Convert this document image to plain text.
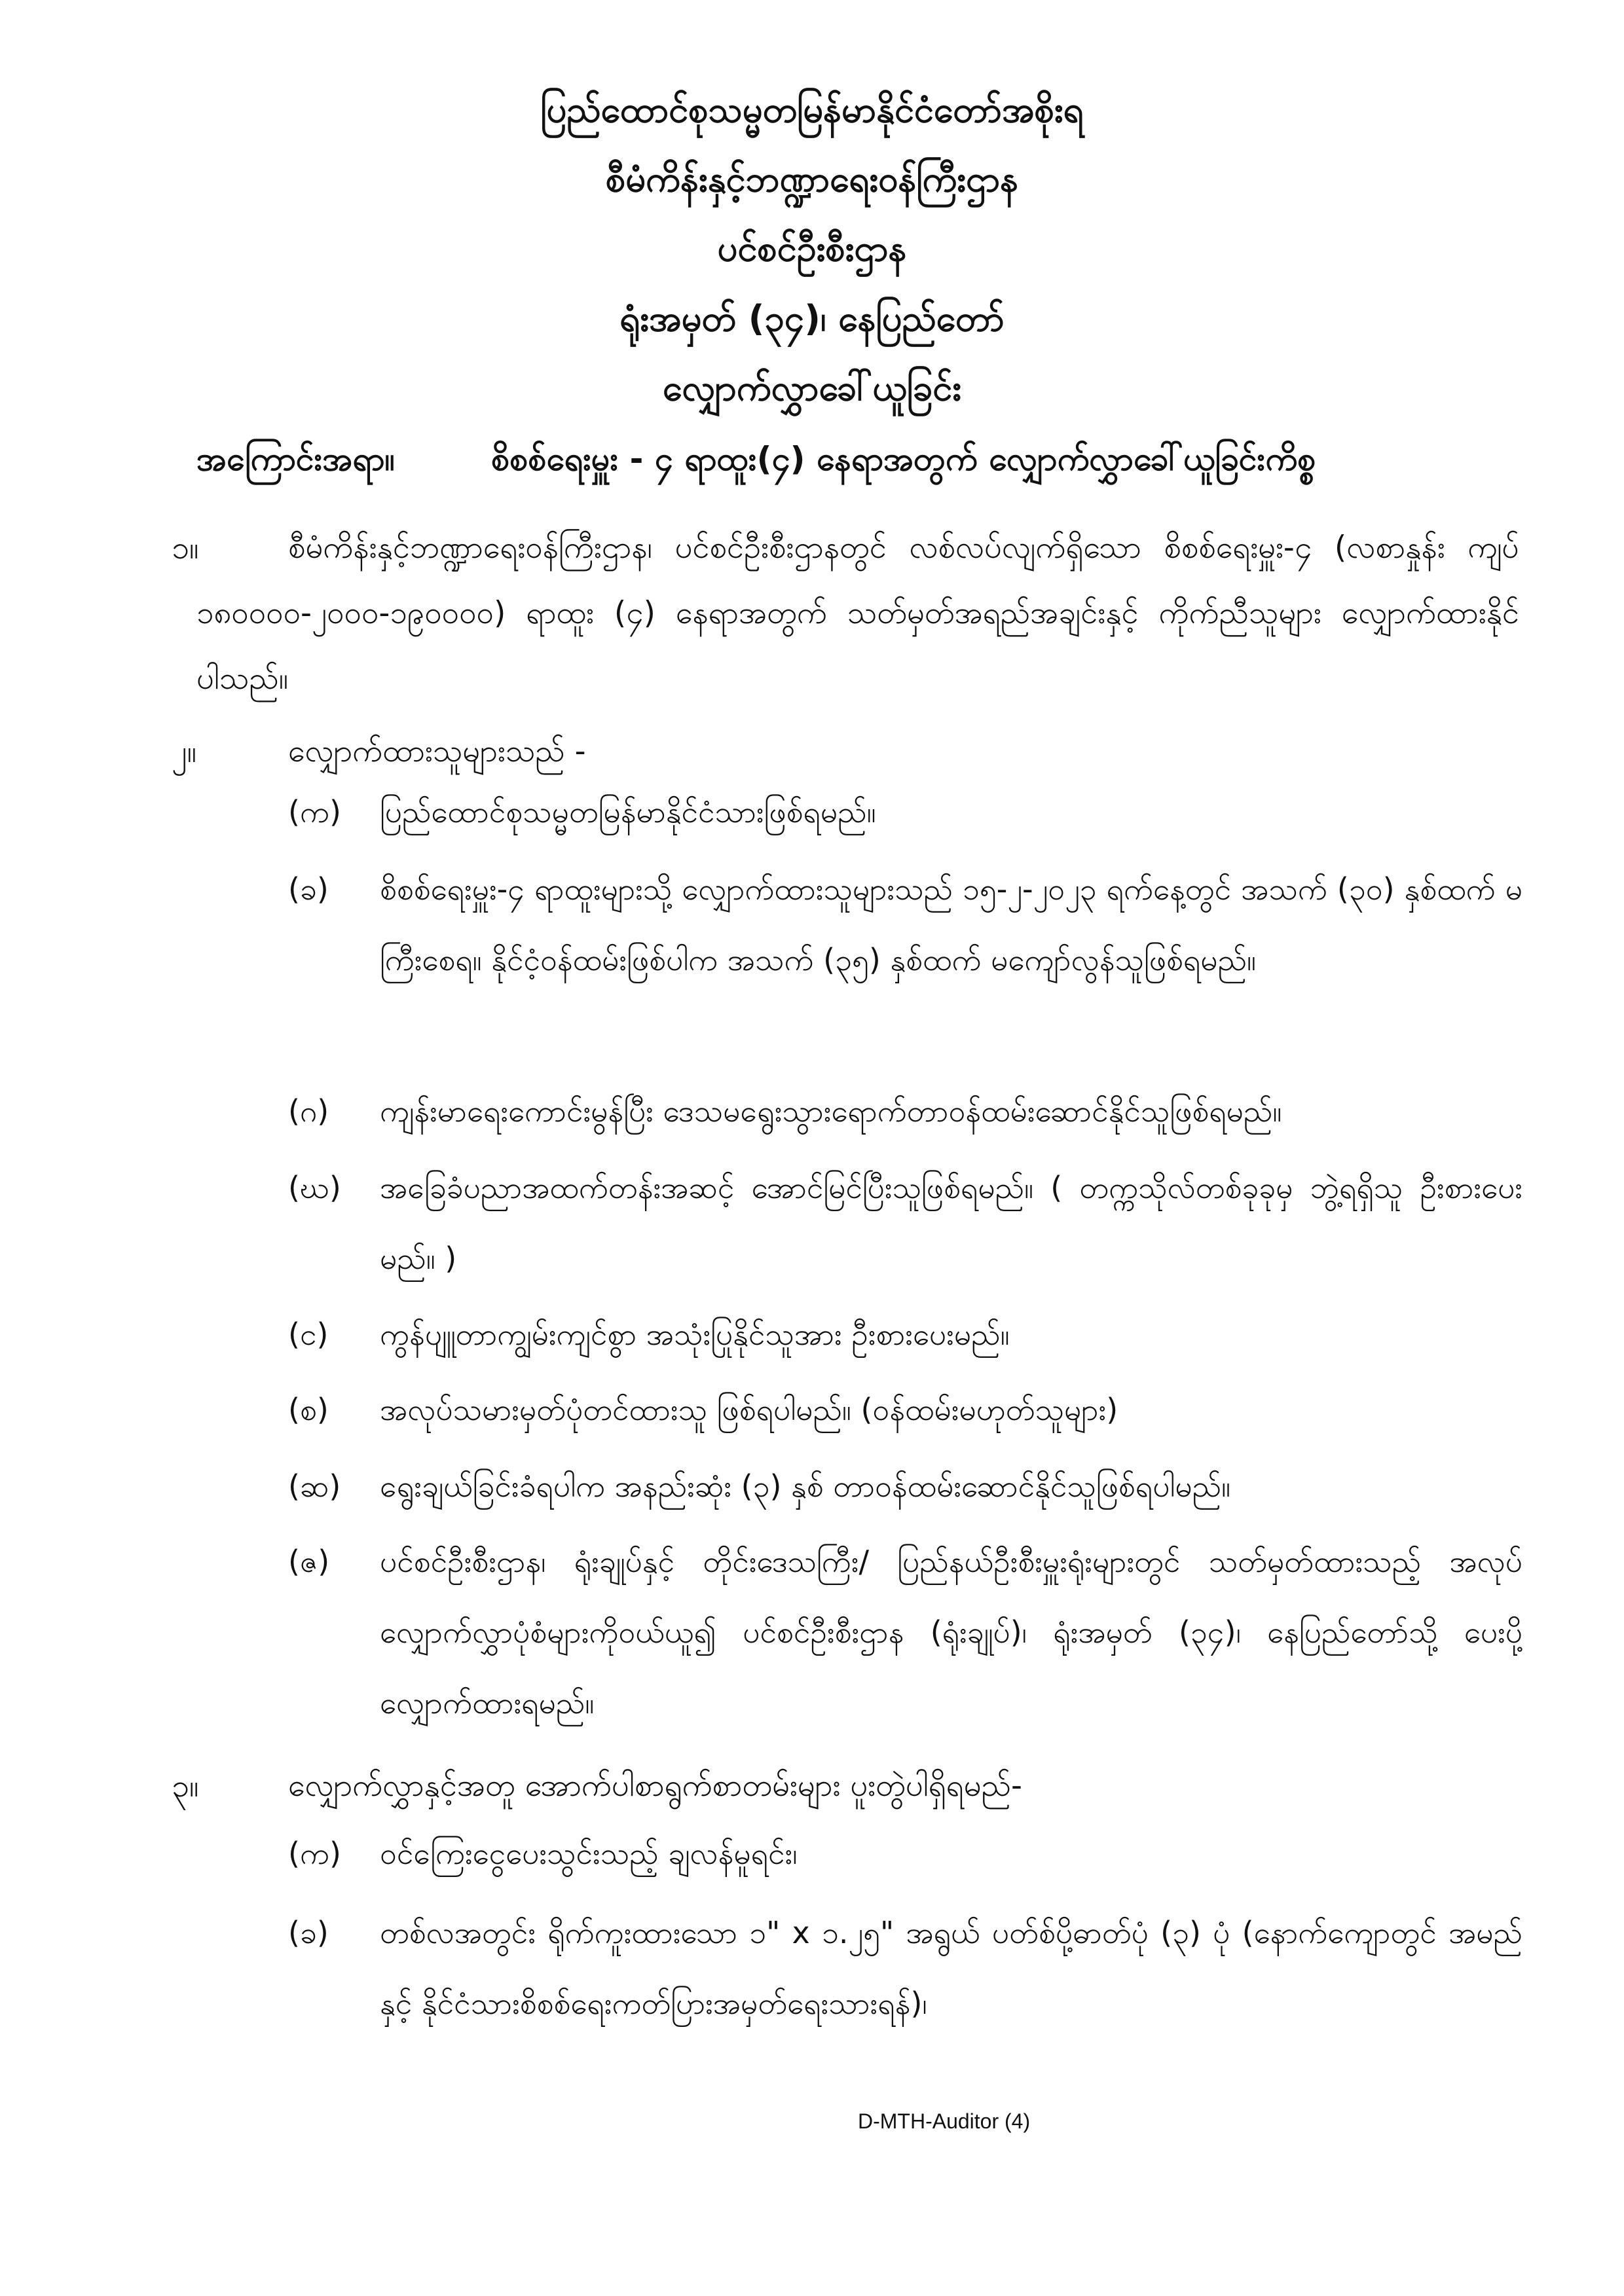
ပြည်ထောင်စုသမ္မတမြန်မာနိုင်ငံတော်အစိုးရ
စီမံကိန်းနှင့်ဘဏ္ဍာရေးဝန်ကြီးဌာန
ပင်စင်ဦးစီးဌာန
ရုံးအမှတ် (၃၄)၊ နေပြည်တော်
လျှောက်လွှာခေါ်ယူခြင်း
အကြောင်းအရာ။	စိစစ်ရေးမှူး - ၄ ရာထူး(၄) နေရာအတွက် လျှောက်လွှာခေါ်ယူခြင်းကိစ္စ
၁။	စီမံကိန်းနှင့်ဘဏ္ဍာရေးဝန်ကြီးဌာန၊ ပင်စင်ဦးစီးဌာနတွင် လစ်လပ်လျက်ရှိသော စိစစ်ရေးမှူး-၄ (လစာနှုန်း ကျပ် ၁၈၀၀၀၀-၂၀၀၀-၁၉၀၀၀၀) ရာထူး (၄) နေရာအတွက် သတ်မှတ်အရည်အချင်းနှင့် ကိုက်ညီသူများ လျှောက်ထားနိုင်ပါသည်။
၂။	လျှောက်ထားသူများသည် -
(က) ပြည်ထောင်စုသမ္မတမြန်မာနိုင်ငံသားဖြစ်ရမည်။
(ခ) စိစစ်ရေးမှူး-၄ ရာထူးများသို့ လျှောက်ထားသူများသည် ၁၅-၂-၂၀၂၃ ရက်နေ့တွင် အသက် (၃၀) နှစ်ထက် မကြီးစေရ။ နိုင်ငံ့ဝန်ထမ်းဖြစ်ပါက အသက် (၃၅) နှစ်ထက် မကျော်လွန်သူဖြစ်ရမည်။
(ဂ) ကျန်းမာရေးကောင်းမွန်ပြီး ဒေသမရွေးသွားရောက်တာဝန်ထမ်းဆောင်နိုင်သူဖြစ်ရမည်။
(ဃ) အခြေခံပညာအထက်တန်းအဆင့် အောင်မြင်ပြီးသူဖြစ်ရမည်။ ( တက္ကသိုလ်တစ်ခုခုမှ ဘွဲ့ရရှိသူ ဦးစားပေးမည်။ )
(င) ကွန်ပျူတာကျွမ်းကျင်စွာ အသုံးပြုနိုင်သူအား ဦးစားပေးမည်။
(စ) အလုပ်သမားမှတ်ပုံတင်ထားသူ ဖြစ်ရပါမည်။ (ဝန်ထမ်းမဟုတ်သူများ)
(ဆ) ရွေးချယ်ခြင်းခံရပါက အနည်းဆုံး (၃) နှစ် တာဝန်ထမ်းဆောင်နိုင်သူဖြစ်ရပါမည်။
(ဇ) ပင်စင်ဦးစီးဌာန၊ ရုံးချုပ်နှင့် တိုင်းဒေသကြီး/ ပြည်နယ်ဦးစီးမှူးရုံးများတွင် သတ်မှတ်ထားသည့် အလုပ်လျှောက်လွှာပုံစံများကိုဝယ်ယူ၍ ပင်စင်ဦးစီးဌာန (ရုံးချုပ်)၊ ရုံးအမှတ် (၃၄)၊ နေပြည်တော်သို့ ပေးပို့လျှောက်ထားရမည်။
၃။	လျှောက်လွှာနှင့်အတူ အောက်ပါစာရွက်စာတမ်းများ ပူးတွဲပါရှိရမည်-
(က) ဝင်ကြေးငွေပေးသွင်းသည့် ချလန်မူရင်း၊
(ခ) တစ်လအတွင်း ရိုက်ကူးထားသော ၁" x ၁.၂၅" အရွယ် ပတ်စ်ပို့ဓာတ်ပုံ (၃) ပုံ (နောက်ကျောတွင် အမည်နှင့် နိုင်ငံသားစိစစ်ရေးကတ်ပြားအမှတ်ရေးသားရန်)၊
D-MTH-Auditor (4)
